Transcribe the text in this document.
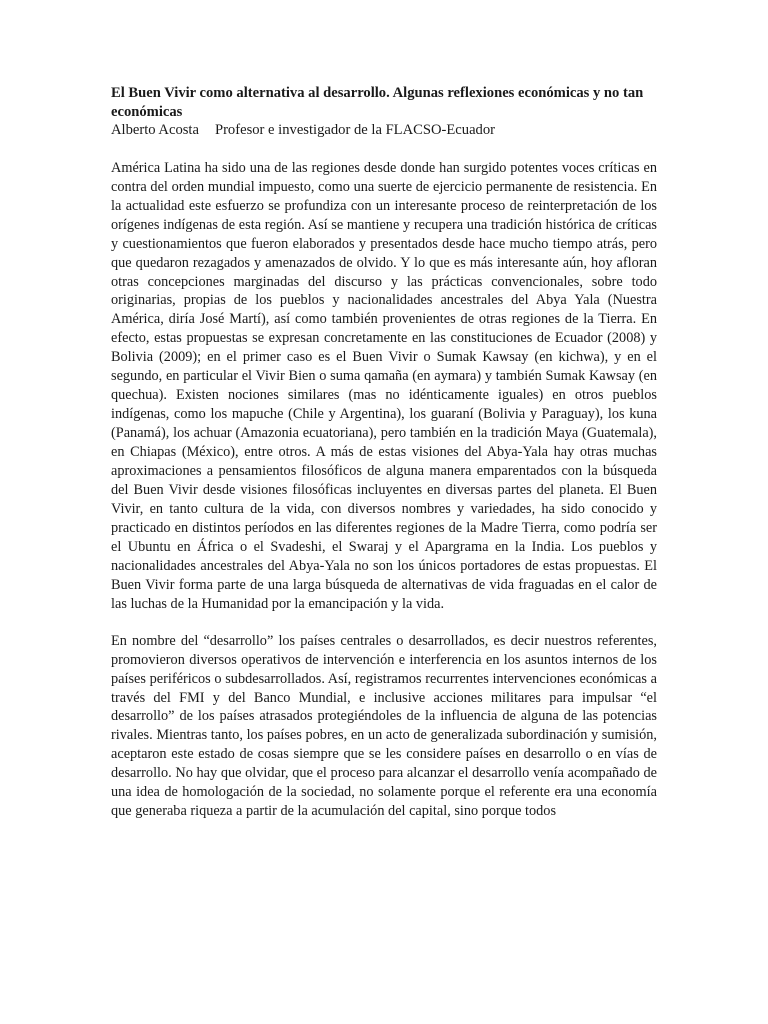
El Buen Vivir como alternativa al desarrollo. Algunas reflexiones económicas y no tan económicas

Alberto Acosta Profesor e investigador de la FLACSO-Ecuador

América Latina ha sido una de las regiones desde donde han surgido potentes voces críticas en contra del orden mundial impuesto, como una suerte de ejercicio permanente de resistencia. En la actualidad este esfuerzo se profundiza con un interesante proceso de reinterpretación de los orígenes indígenas de esta región. Así se mantiene y recupera una tradición histórica de críticas y cuestionamientos que fueron elaborados y presentados desde hace mucho tiempo atrás, pero que quedaron rezagados y amenazados de olvido. Y lo que es más interesante aún, hoy afloran otras concepciones marginadas del discurso y las prácticas convencionales, sobre todo originarias, propias de los pueblos y nacionalidades ancestrales del Abya Yala (Nuestra América, diría José Martí), así como también provenientes de otras regiones de la Tierra. En efecto, estas propuestas se expresan concretamente en las constituciones de Ecuador (2008) y Bolivia (2009); en el primer caso es el Buen Vivir o Sumak Kawsay (en kichwa), y en el segundo, en particular el Vivir Bien o suma qamaña (en aymara) y también Sumak Kawsay (en quechua). Existen nociones similares (mas no idénticamente iguales) en otros pueblos indígenas, como los mapuche (Chile y Argentina), los guaraní (Bolivia y Paraguay), los kuna (Panamá), los achuar (Amazonia ecuatoriana), pero también en la tradición Maya (Guatemala), en Chiapas (México), entre otros. A más de estas visiones del Abya-Yala hay otras muchas aproximaciones a pensamientos filosóficos de alguna manera emparentados con la búsqueda del Buen Vivir desde visiones filosóficas incluyentes en diversas partes del planeta. El Buen Vivir, en tanto cultura de la vida, con diversos nombres y variedades, ha sido conocido y practicado en distintos períodos en las diferentes regiones de la Madre Tierra, como podría ser el Ubuntu en África o el Svadeshi, el Swaraj y el Apargrama en la India. Los pueblos y nacionalidades ancestrales del Abya-Yala no son los únicos portadores de estas propuestas. El Buen Vivir forma parte de una larga búsqueda de alternativas de vida fraguadas en el calor de las luchas de la Humanidad por la emancipación y la vida.

En nombre del “desarrollo” los países centrales o desarrollados, es decir nuestros referentes, promovieron diversos operativos de intervención e interferencia en los asuntos internos de los países periféricos o subdesarrollados. Así, registramos recurrentes intervenciones económicas a través del FMI y del Banco Mundial, e inclusive acciones militares para impulsar “el desarrollo” de los países atrasados protegiéndoles de la influencia de alguna de las potencias rivales. Mientras tanto, los países pobres, en un acto de generalizada subordinación y sumisión, aceptaron este estado de cosas siempre que se les considere países en desarrollo o en vías de desarrollo. No hay que olvidar, que el proceso para alcanzar el desarrollo venía acompañado de una idea de homologación de la sociedad, no solamente porque el referente era una economía que generaba riqueza a partir de la acumulación del capital, sino porque todos
